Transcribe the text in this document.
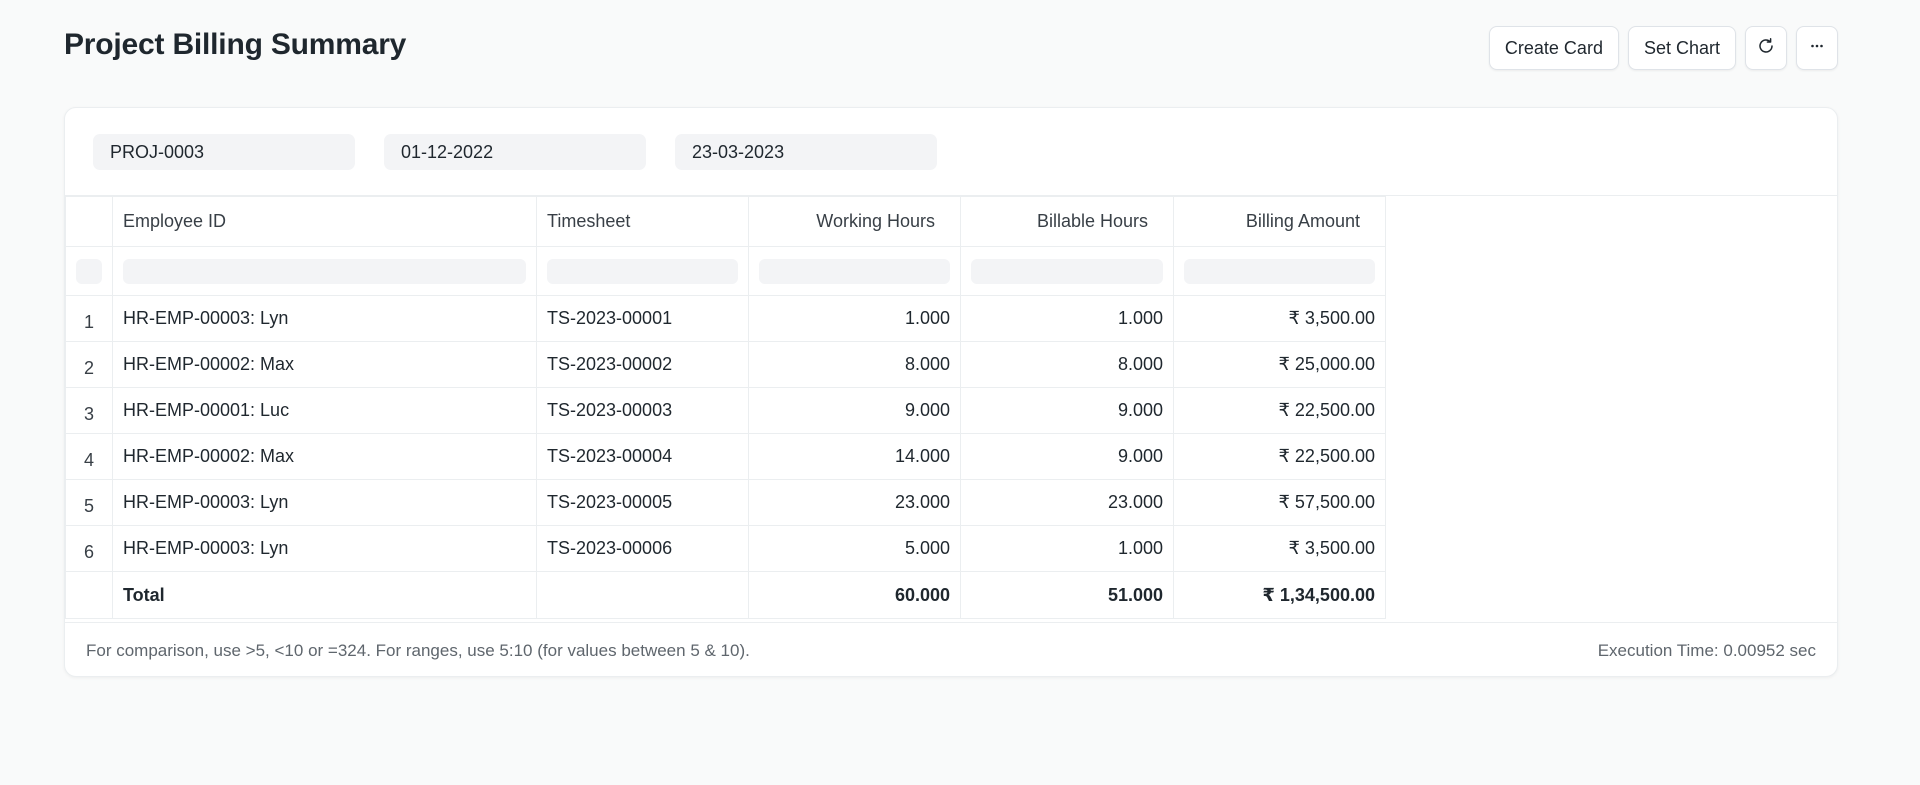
Project Billing Summary	Create Card	Set Chart
PROJ-0003
01-12-2022
23-03-2023
	Employee ID	Timesheet	Working Hours	Billable Hours	Billing Amount

1	HR-EMP-00003: Lyn	TS-2023-00001	1.000	1.000	₹ 3,500.00
2	HR-EMP-00002: Max	TS-2023-00002	8.000	8.000	₹ 25,000.00
3	HR-EMP-00001: Luc	TS-2023-00003	9.000	9.000	₹ 22,500.00
4	HR-EMP-00002: Max	TS-2023-00004	14.000	9.000	₹ 22,500.00
5	HR-EMP-00003: Lyn	TS-2023-00005	23.000	23.000	₹ 57,500.00
6	HR-EMP-00003: Lyn	TS-2023-00006	5.000	1.000	₹ 3,500.00
	Total		60.000	51.000	₹ 1,34,500.00
For comparison, use >5, <10 or =324. For ranges, use 5:10 (for values between 5 & 10).	Execution Time: 0.00952 sec
